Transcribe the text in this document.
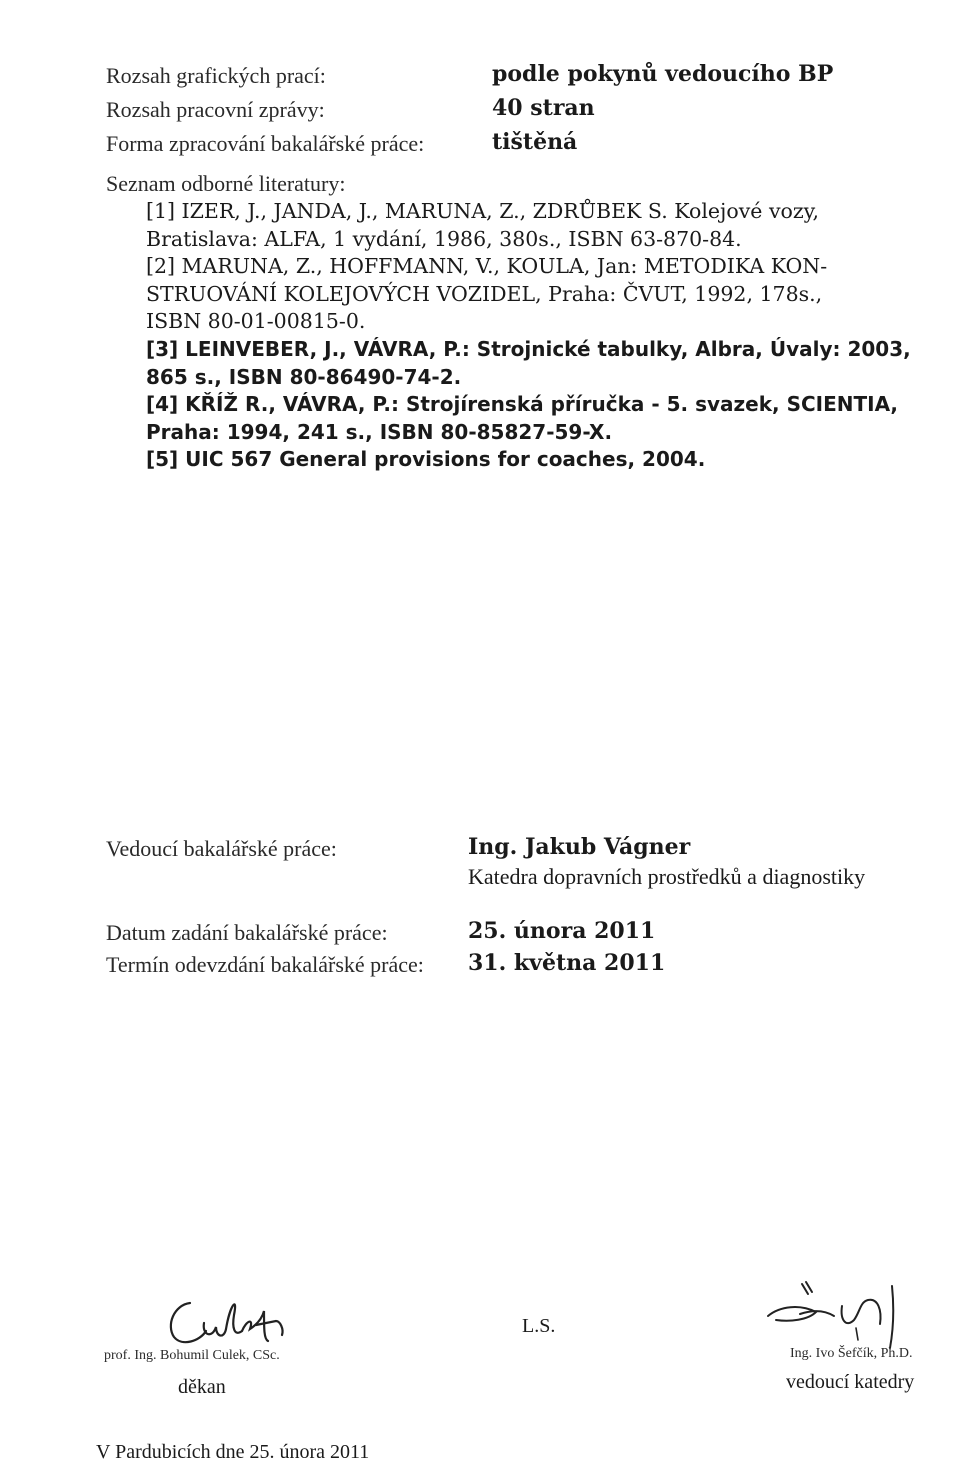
Rozsah grafických prací:	podle pokynů vedoucího BP
Rozsah pracovní zprávy:	40 stran
Forma zpracování bakalářské práce:	tištěná
Seznam odborné literatury:
[1] IZER, J., JANDA, J., MARUNA, Z., ZDRŮBEK S. Kolejové vozy,
Bratislava: ALFA, 1 vydání, 1986, 380s., ISBN 63-870-84.
[2] MARUNA, Z., HOFFMANN, V., KOULA, Jan: METODIKA KON-
STRUOVÁNÍ KOLEJOVÝCH VOZIDEL, Praha: ČVUT, 1992, 178s.,
ISBN 80-01-00815-0.
[3] LEINVEBER, J., VÁVRA, P.: Strojnické tabulky, Albra, Úvaly: 2003,
865 s., ISBN 80-86490-74-2.
[4] KŘÍŽ R., VÁVRA, P.: Strojírenská příručka - 5. svazek, SCIENTIA,
Praha: 1994, 241 s., ISBN 80-85827-59-X.
[5] UIC 567 General provisions for coaches, 2004.
Vedoucí bakalářské práce:	Ing. Jakub Vágner
Katedra dopravních prostředků a diagnostiky
Datum zadání bakalářské práce:	25. února 2011
Termín odevzdání bakalářské práce: 31. května 2011
prof. Ing. Bohumil Culek, CSc.
děkan
L.S.
Ing. Ivo Šefčík, Ph.D.
vedoucí katedry
V Pardubicích dne 25. února 2011
